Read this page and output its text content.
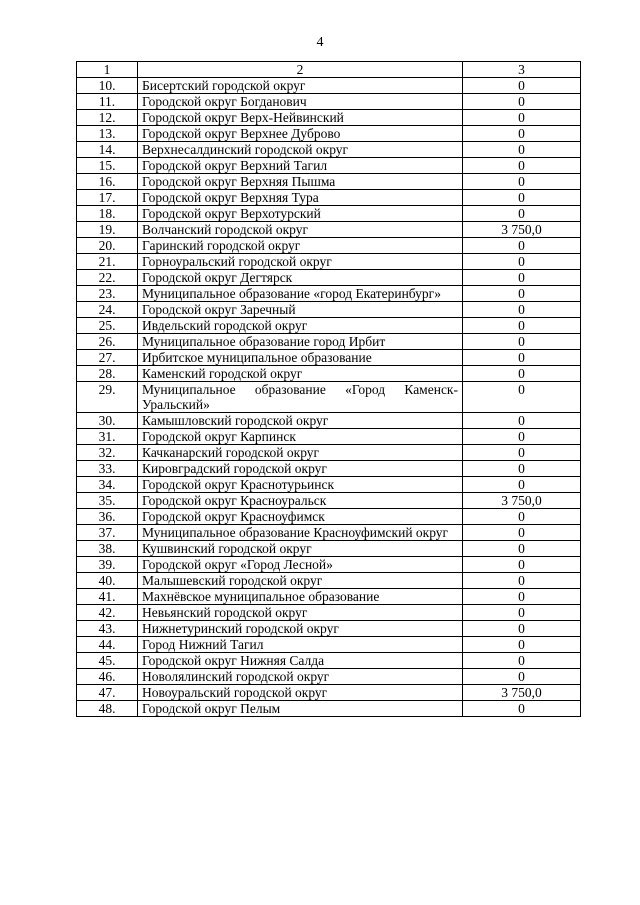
4
1	2	3
10.	Бисертский городской округ	0
11.	Городской округ Богданович	0
12.	Городской округ Верх-Нейвинский	0
13.	Городской округ Верхнее Дуброво	0
14.	Верхнесалдинский городской округ	0
15.	Городской округ Верхний Тагил	0
16.	Городской округ Верхняя Пышма	0
17.	Городской округ Верхняя Тура	0
18.	Городской округ Верхотурский	0
19.	Волчанский городской округ	3 750,0
20.	Гаринский городской округ	0
21.	Горноуральский городской округ	0
22.	Городской округ Дегтярск	0
23.	Муниципальное образование «город Екатеринбург»	0
24.	Городской округ Заречный	0
25.	Ивдельский городской округ	0
26.	Муниципальное образование город Ирбит	0
27.	Ирбитское муниципальное образование	0
28.	Каменский городской округ	0
29.	Муниципальное образование «Город Каменск-Уральский»	0
30.	Камышловский городской округ	0
31.	Городской округ Карпинск	0
32.	Качканарский городской округ	0
33.	Кировградский городской округ	0
34.	Городской округ Краснотурьинск	0
35.	Городской округ Красноуральск	3 750,0
36.	Городской округ Красноуфимск	0
37.	Муниципальное образование Красноуфимский округ	0
38.	Кушвинский городской округ	0
39.	Городской округ «Город Лесной»	0
40.	Малышевский городской округ	0
41.	Махнёвское муниципальное образование	0
42.	Невьянский городской округ	0
43.	Нижнетуринский городской округ	0
44.	Город Нижний Тагил	0
45.	Городской округ Нижняя Салда	0
46.	Новолялинский городской округ	0
47.	Новоуральский городской округ	3 750,0
48.	Городской округ Пелым	0
